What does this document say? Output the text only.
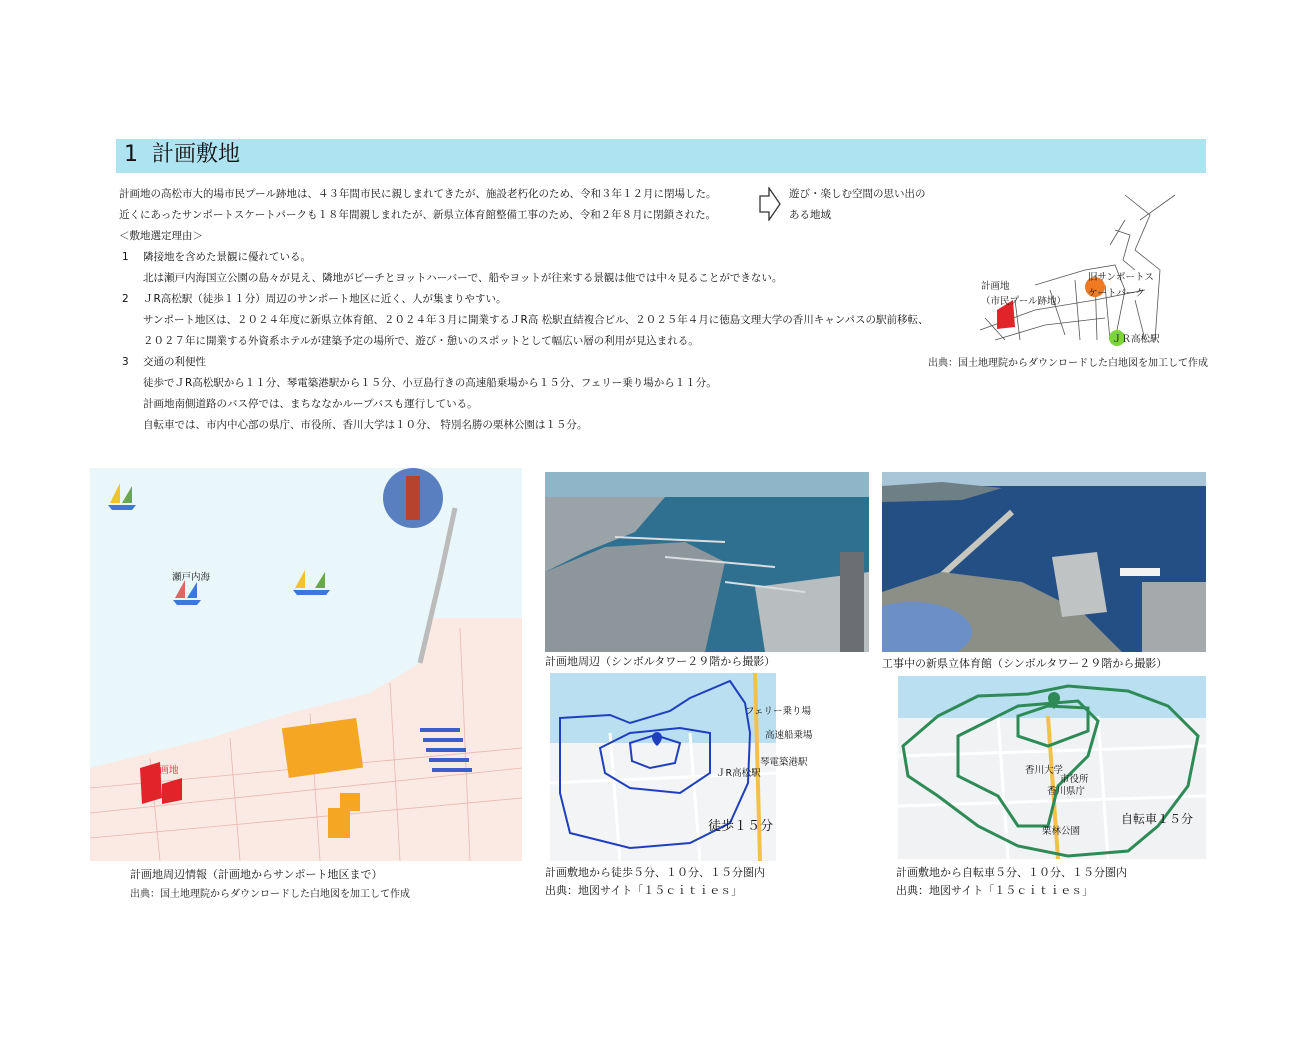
1 計画敷地
計画地の高松市大的場市民プール跡地は、４３年間市民に親しまれてきたが、施設老朽化のため、令和３年１２月に閉場した。
近くにあったサンポートスケートパークも１８年間親しまれたが、新県立体育館整備工事のため、令和２年８月に閉鎖された。
遊び・楽しむ空間の思い出の
ある地域
＜敷地選定理由＞
1 隣接地を含めた景観に優れている。
北は瀬戸内海国立公園の島々が見え、隣地がビーチとヨットハーバーで、船やヨットが往来する景観は他では中々見ることができない。
2 ＪR高松駅（徒歩１１分）周辺のサンポート地区に近く、人が集まりやすい。
サンポート地区は、２０２４年度に新県立体育館、２０２４年３月に開業するＪR高 松駅直結複合ビル、２０２５年４月に徳島文理大学の香川キャンパスの駅前移転、
２０２７年に開業する外資系ホテルが建築予定の場所で、遊び・憩いのスポットとして幅広い層の利用が見込まれる。
3 交通の利便性
徒歩でＪR高松駅から１１分、琴電築港駅から１５分、小豆島行きの高速船乗場から１５分、フェリー乗り場から１１分。
計画地南側道路のバス停では、まちななかループバスも運行している。
自転車では、市内中心部の県庁、市役所、香川大学は１０分、 特別名勝の栗林公園は１５分。
計画地
（市民プール跡地）
旧サンポートス
ケートパーク
ＪＲ高松駅
出典：国土地理院からダウンロードした白地図を加工して作成
瀬戸内海
計画地
計画地周辺情報（計画地からサンポート地区まで）
出典：国土地理院からダウンロードした白地図を加工して作成
計画地周辺（シンボルタワー２９階から撮影）	工事中の新県立体育館（シンボルタワー２９階から撮影）
フェリー乗り場
高速船乗場
琴電築港駅
ＪR高松駅
徒歩１５分
計画敷地から徒歩５分、１０分、１５分圏内
出典：地図サイト「１５ｃｉｔｉｅｓ」
香川大学
市役所
香川県庁
栗林公園
自転車１５分
計画敷地から自転車５分、１０分、１５分圏内
出典：地図サイト「１５ｃｉｔｉｅｓ」
